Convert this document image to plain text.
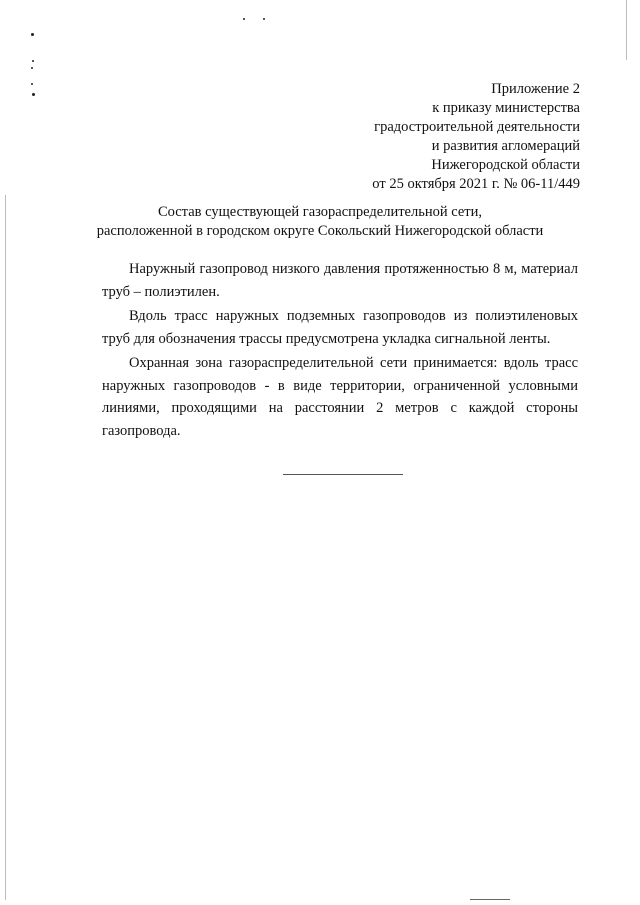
Приложение 2
к приказу министерства
градостроительной деятельности
и развития агломераций
Нижегородской области
от 25 октября 2021 г. № 06-11/449
Состав существующей газораспределительной сети,
расположенной в городском округе Сокольский Нижегородской области

Наружный газопровод низкого давления протяженностью 8 м, материал труб – полиэтилен.

Вдоль трасс наружных подземных газопроводов из полиэтиленовых труб для обозначения трассы предусмотрена укладка сигнальной ленты.

Охранная зона газораспределительной сети принимается: вдоль трасс наружных газопроводов - в виде территории, ограниченной условными линиями, проходящими на расстоянии 2 метров с каждой стороны газопровода.
